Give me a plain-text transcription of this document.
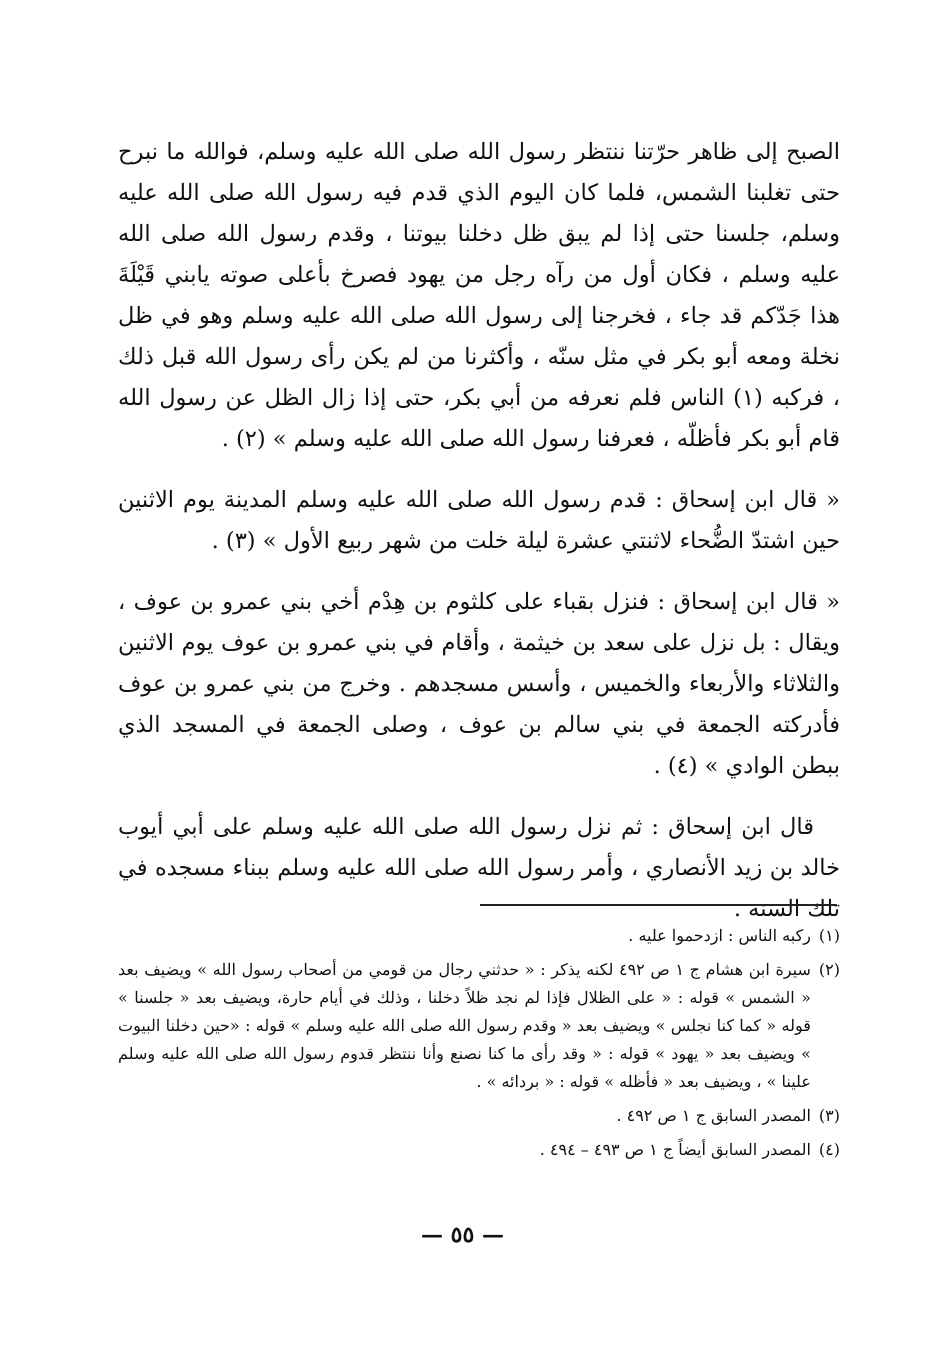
الصبح إلى ظاهر حرّتنا ننتظر رسول الله صلى الله عليه وسلم، فوالله ما نبرح حتى تغلبنا الشمس، فلما كان اليوم الذي قدم فيه رسول الله صلى الله عليه وسلم، جلسنا حتى إذا لم يبق ظل دخلنا بيوتنا ، وقدم رسول الله صلى الله عليه وسلم ، فكان أول من رآه رجل من يهود فصرخ بأعلى صوته يابني قَيْلَةَ هذا جَدّكم قد جاء ، فخرجنا إلى رسول الله صلى الله عليه وسلم وهو في ظل نخلة ومعه أبو بكر في مثل سنّه ، وأكثرنا من لم يكن رأى رسول الله قبل ذلك ، فركبه (١) الناس فلم نعرفه من أبي بكر، حتى إذا زال الظل عن رسول الله قام أبو بكر فأظلّه ، فعرفنا رسول الله صلى الله عليه وسلم » (٢) .

« قال ابن إسحاق : قدم رسول الله صلى الله عليه وسلم المدينة يوم الاثنين حين اشتدّ الضُّحاء لاثنتي عشرة ليلة خلت من شهر ربيع الأول » (٣) .

« قال ابن إسحاق : فنزل بقباء على كلثوم بن هِدْم أخي بني عمرو بن عوف ، ويقال : بل نزل على سعد بن خيثمة ، وأقام في بني عمرو بن عوف يوم الاثنين والثلاثاء والأربعاء والخميس ، وأسس مسجدهم . وخرج من بني عمرو بن عوف فأدركته الجمعة في بني سالم بن عوف ، وصلى الجمعة في المسجد الذي ببطن الوادي » (٤) .

قال ابن إسحاق : ثم نزل رسول الله صلى الله عليه وسلم على أبي أيوب خالد بن زيد الأنصاري ، وأمر رسول الله صلى الله عليه وسلم ببناء مسجده في تلك السنة .

(١)
ركبه الناس : ازدحموا عليه .
(٢)
سيرة ابن هشام ج ١ ص ٤٩٢ لكنه يذكر : « حدثني رجال من قومي من أصحاب رسول الله » ويضيف بعد « الشمس » قوله : « على الظلال فإذا لم نجد ظلاً دخلنا ، وذلك في أيام حارة، ويضيف بعد « جلسنا » قوله « كما كنا نجلس » ويضيف بعد « وقدم رسول الله صلى الله عليه وسلم » قوله : «حين دخلنا البيوت » ويضيف بعد « يهود » قوله : « وقد رأى ما كنا نصنع وأنا ننتظر قدوم رسول الله صلى الله عليه وسلم علينا » ، ويضيف بعد « فأظله » قوله : « بردائه » .
(٣)
المصدر السابق ج ١ ص ٤٩٢ .
(٤)
المصدر السابق أيضاً ج ١ ص ٤٩٣ – ٤٩٤ .
— ٥٥ —
